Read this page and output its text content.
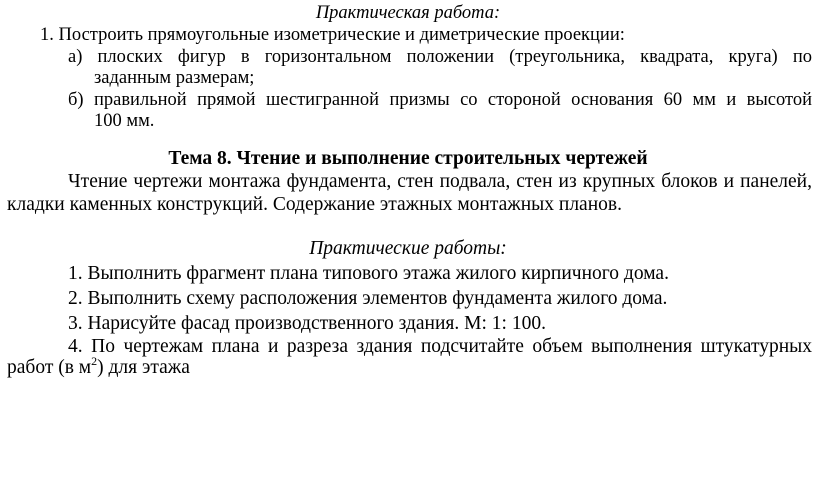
Практическая работа:
1. Построить прямоугольные изометрические и диметрические проекции:
а) плоских фигур в горизонтальном положении (треугольника, квадрата, круга) по
заданным размерам;
б) правильной прямой шестигранной призмы со стороной основания 60 мм и высотой
100 мм.
Тема 8. Чтение и выполнение строительных чертежей
Чтение чертежи монтажа фундамента, стен подвала, стен из крупных блоков и панелей,
кладки каменных конструкций. Содержание этажных монтажных планов.
Практические работы:
1. Выполнить фрагмент плана типового этажа жилого кирпичного дома.
2. Выполнить схему расположения элементов фундамента жилого дома.
3. Нарисуйте фасад производственного здания. М: 1: 100.
4. По чертежам плана и разреза здания подсчитайте объем выполнения штукатурных
работ (в $м^2$) для этажа
